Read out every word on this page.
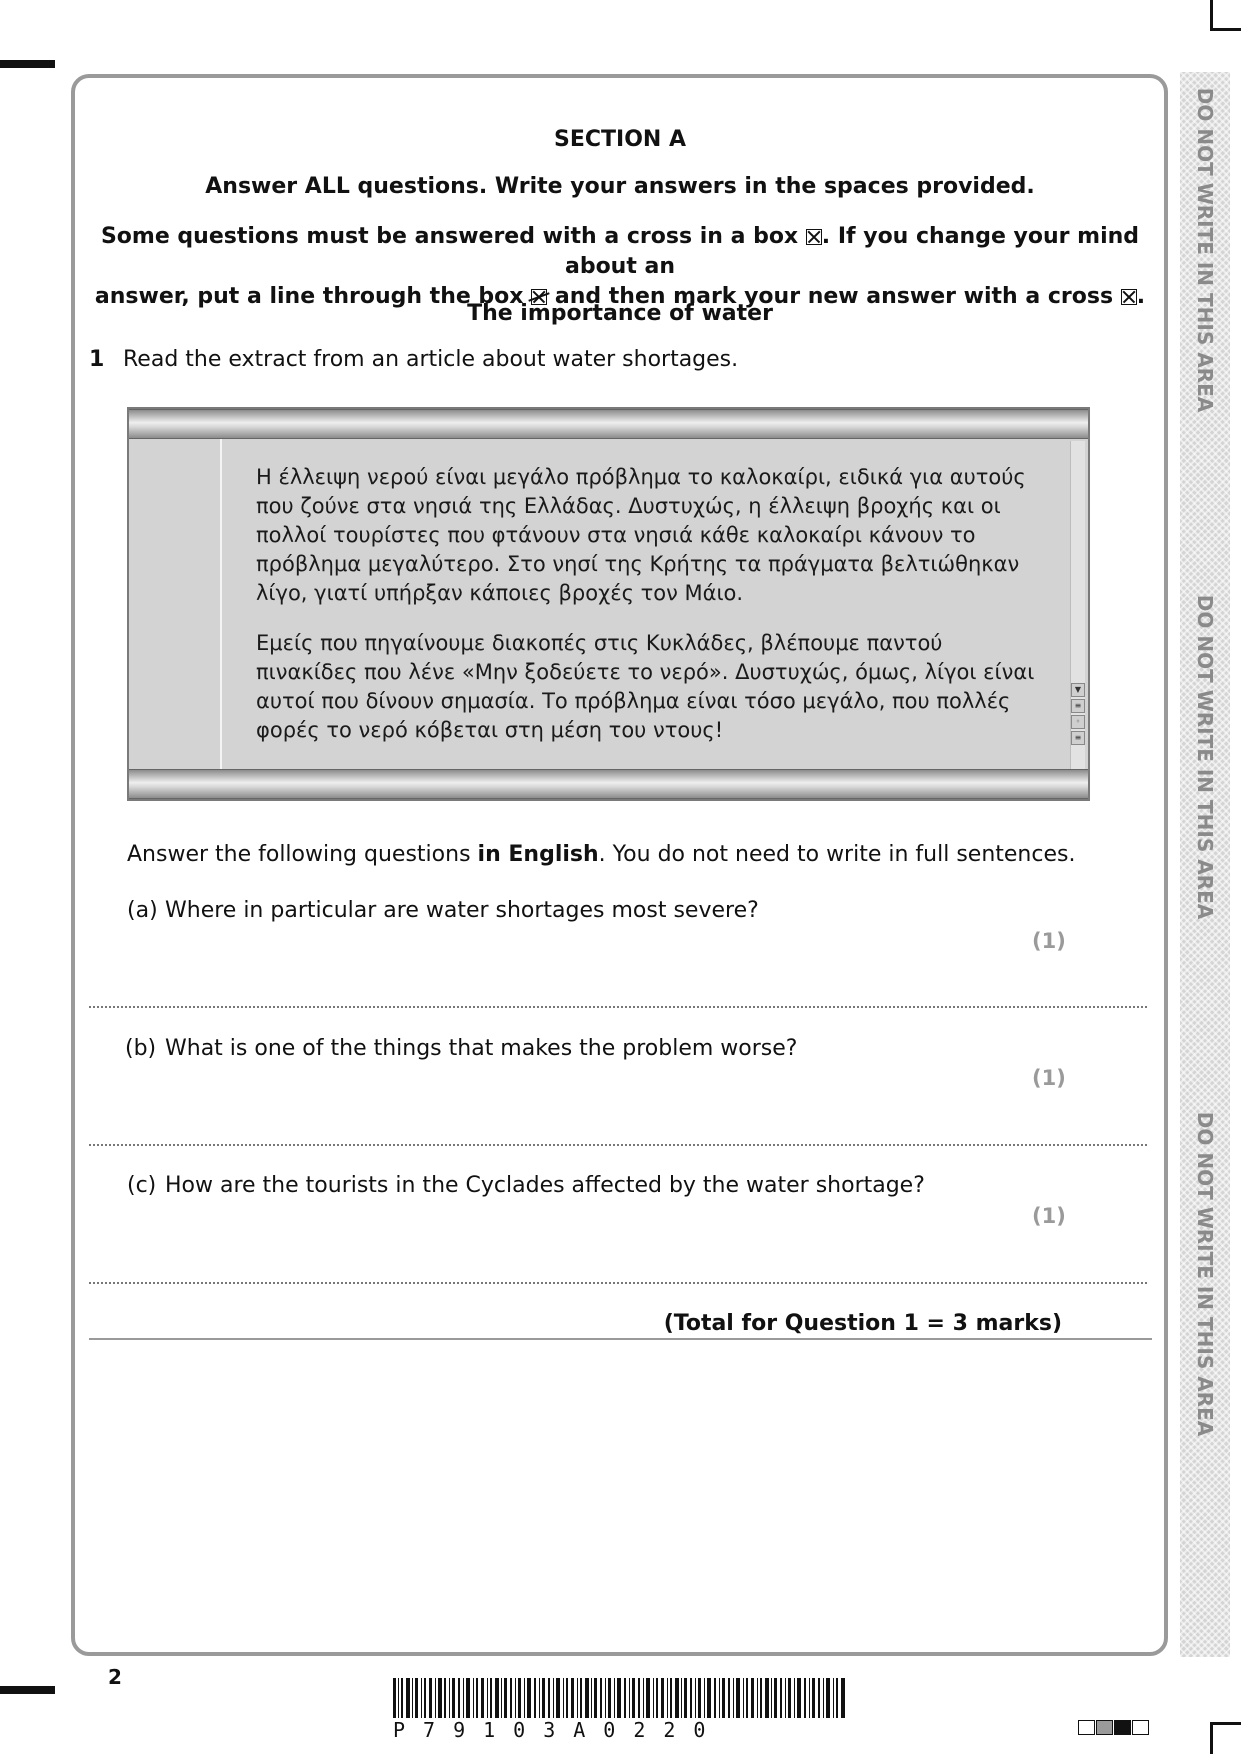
DO NOT WRITE IN THIS AREA
DO NOT WRITE IN THIS AREA
DO NOT WRITE IN THIS AREA
SECTION A
Answer ALL questions. Write your answers in the spaces provided.
Some questions must be answered with a cross in a box ☒. If you change your mind about an
answer, put a line through the box and then mark your new answer with a cross ☒.
The importance of water
1 Read the extract from an article about water shortages.
▼
≡
◦
≡
Η έλλειψη νερού είναι μεγάλο πρόβλημα το καλοκαίρι, ειδικά για αυτούς
που ζούνε στα νησιά της Ελλάδας. Δυστυχώς, η έλλειψη βροχής και οι
πολλοί τουρίστες που φτάνουν στα νησιά κάθε καλοκαίρι κάνουν το
πρόβλημα μεγαλύτερο. Στο νησί της Κρήτης τα πράγματα βελτιώθηκαν
λίγο, γιατί υπήρξαν κάποιες βροχές τον Μάιο.
Εμείς που πηγαίνουμε διακοπές στις Κυκλάδες, βλέπουμε παντού
πινακίδες που λένε «Μην ξοδεύετε το νερό». Δυστυχώς, όμως, λίγοι είναι
αυτοί που δίνουν σημασία. Το πρόβλημα είναι τόσο μεγάλο, που πολλές
φορές το νερό κόβεται στη μέση του ντους!
Answer the following questions in English. You do not need to write in full sentences.
(a) Where in particular are water shortages most severe?
(1)
(b) What is one of the things that makes the problem worse?
(1)
(c) How are the tourists in the Cyclades affected by the water shortage?
(1)
(Total for Question 1 = 3 marks)
2
P79103A0220
